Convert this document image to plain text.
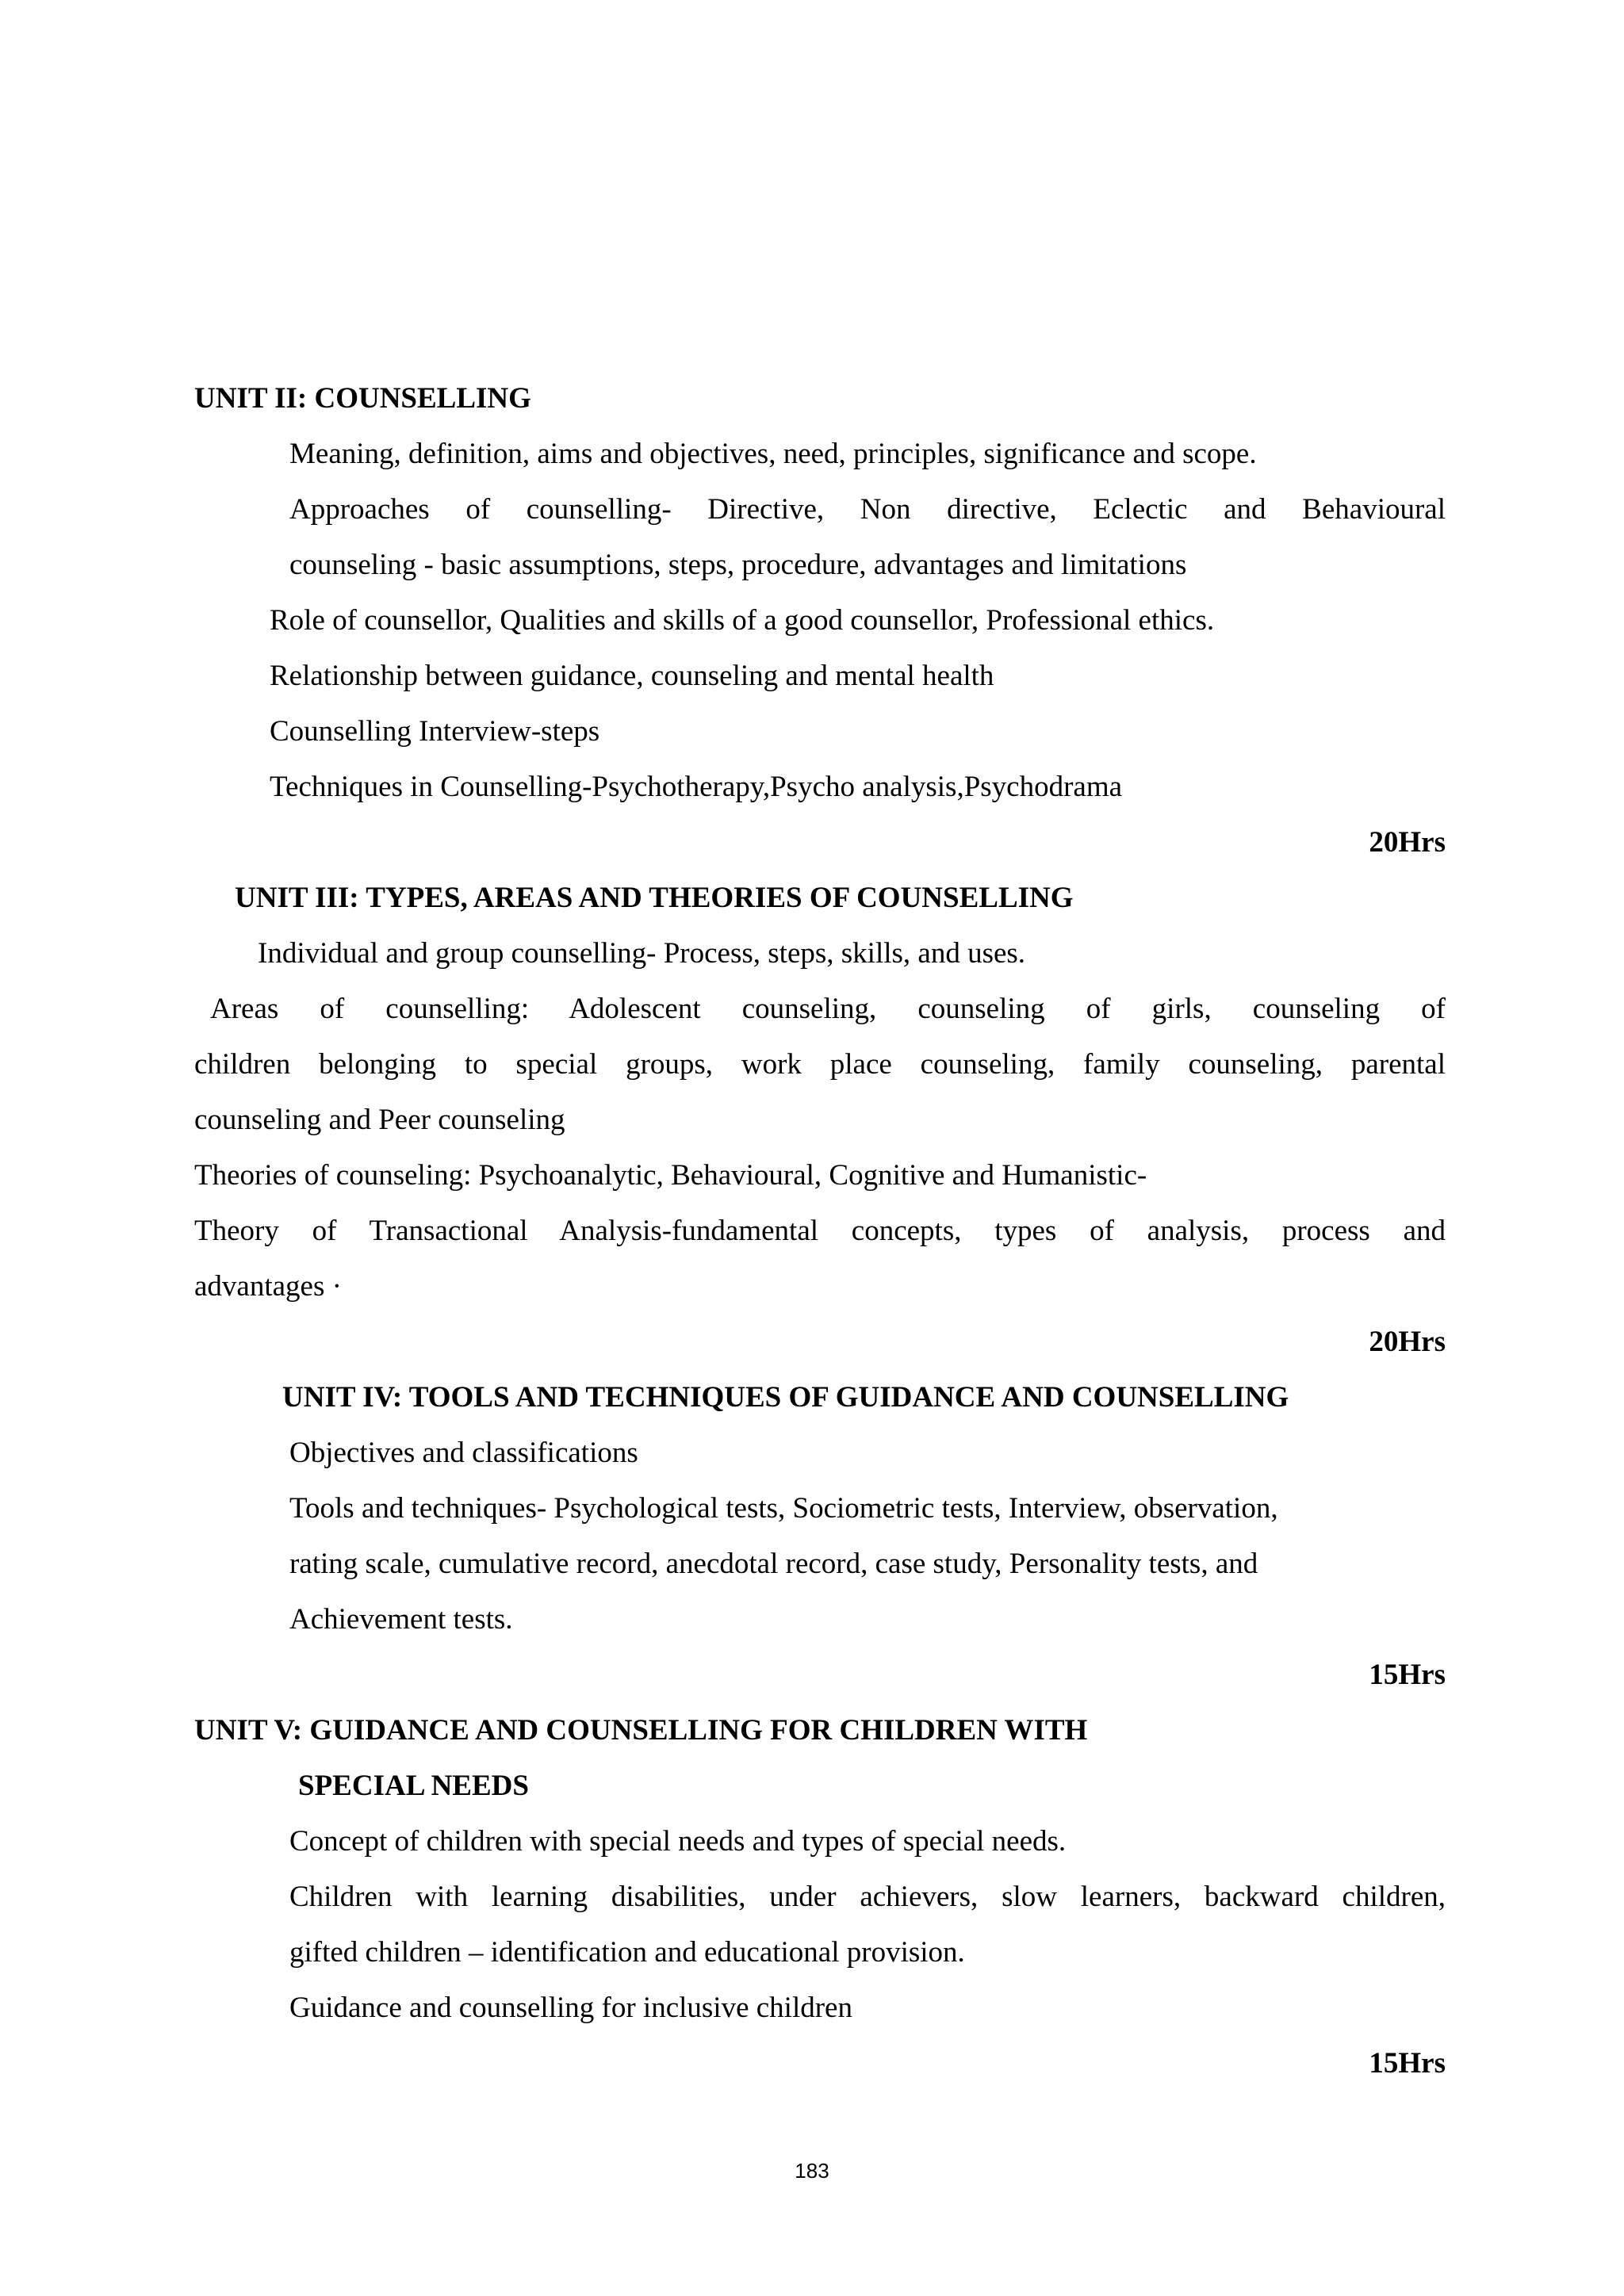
UNIT II: COUNSELLING
Meaning, definition, aims and objectives, need, principles, significance and scope.
Approaches of counselling- Directive, Non directive, Eclectic and Behavioural
counseling - basic assumptions, steps, procedure, advantages and limitations
Role of counsellor, Qualities and skills of a good counsellor, Professional ethics.
Relationship between guidance, counseling and mental health
Counselling Interview-steps
Techniques in Counselling-Psychotherapy,Psycho analysis,Psychodrama
20Hrs
UNIT III: TYPES, AREAS AND THEORIES OF COUNSELLING
Individual and group counselling- Process, steps, skills, and uses.
Areas of counselling: Adolescent counseling, counseling of girls, counseling of
children belonging to special groups, work place counseling, family counseling, parental
counseling and Peer counseling
Theories of counseling: Psychoanalytic, Behavioural, Cognitive and Humanistic-
Theory of Transactional Analysis-fundamental concepts, types of analysis, process and
advantages ·
20Hrs
UNIT IV: TOOLS AND TECHNIQUES OF GUIDANCE AND COUNSELLING
Objectives and classifications
Tools and techniques- Psychological tests, Sociometric tests, Interview, observation,
rating scale, cumulative record, anecdotal record, case study, Personality tests, and
Achievement tests.
15Hrs
UNIT V: GUIDANCE AND COUNSELLING FOR CHILDREN WITH
SPECIAL NEEDS
Concept of children with special needs and types of special needs.
Children with learning disabilities, under achievers, slow learners, backward children,
gifted children – identification and educational provision.
Guidance and counselling for inclusive children
15Hrs
183
